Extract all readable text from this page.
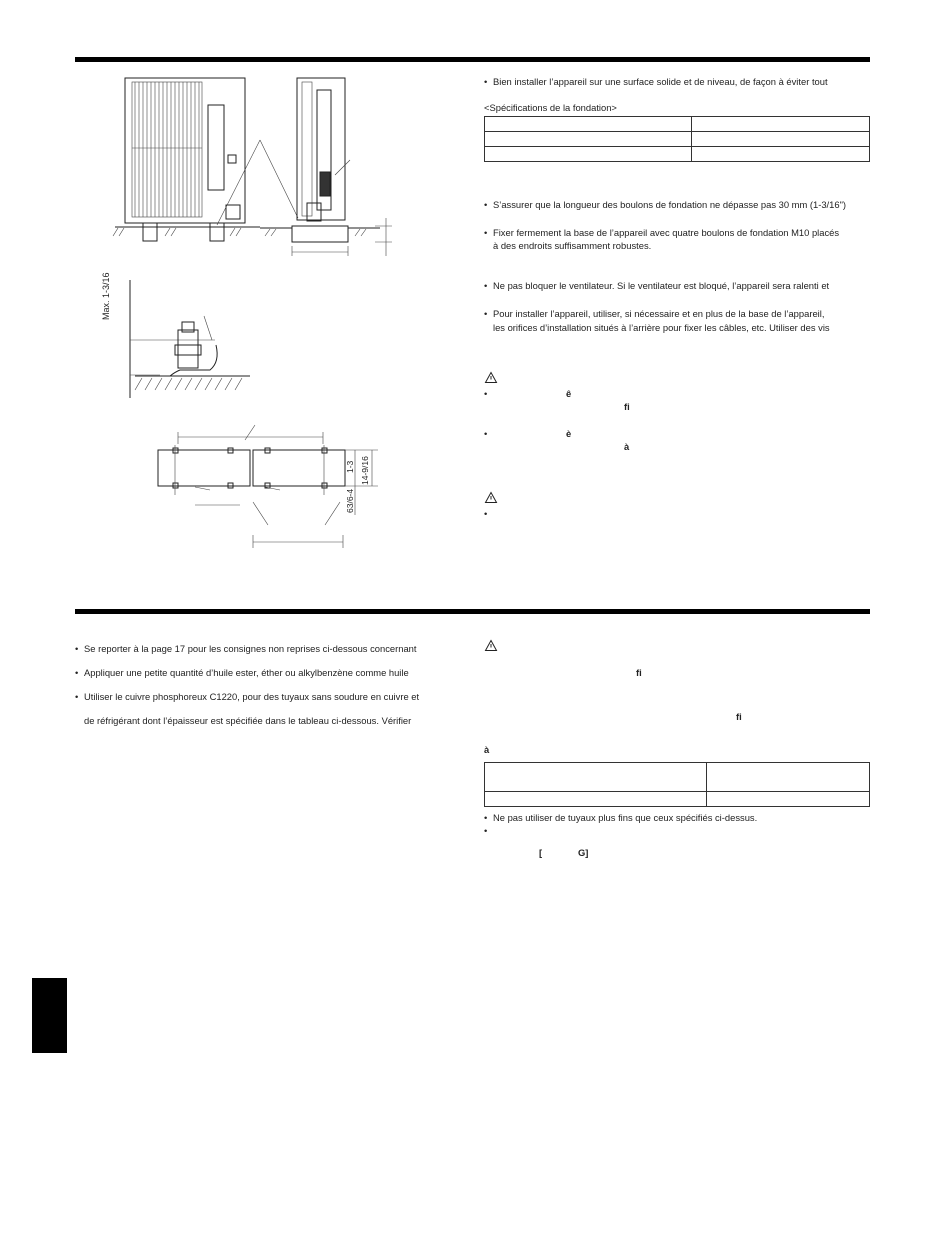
Max. 1-3/16
1-3 14-9/16
63/6-4
• Bien installer l’appareil sur une surface solide et de niveau, de façon à éviter tout
<Spécifications de la fondation>

• S’assurer que la longueur des boulons de fondation ne dépasse pas 30 mm (1-3/16")
• Fixer fermement la base de l’appareil avec quatre boulons de fondation M10 placés
à des endroits suffisamment robustes.
• Ne pas bloquer le ventilateur. Si le ventilateur est bloqué, l’appareil sera ralenti et
• Pour installer l’appareil, utiliser, si nécessaire et en plus de la base de l’appareil,
les orifices d’installation situés à l’arrière pour fixer les câbles, etc. Utiliser des vis
•	ê
fi
•	è
à
•
• Se reporter à la page 17 pour les consignes non reprises ci-dessous concernant
• Appliquer une petite quantité d’huile ester, éther ou alkylbenzène comme huile
• Utiliser le cuivre phosphoreux C1220, pour des tuyaux sans soudure en cuivre et
de réfrigérant dont l’épaisseur est spécifiée dans le tableau ci-dessous. Vérifier
fi
fi
à

• Ne pas utiliser de tuyaux plus fins que ceux spécifiés ci-dessus.
•
[	G]
